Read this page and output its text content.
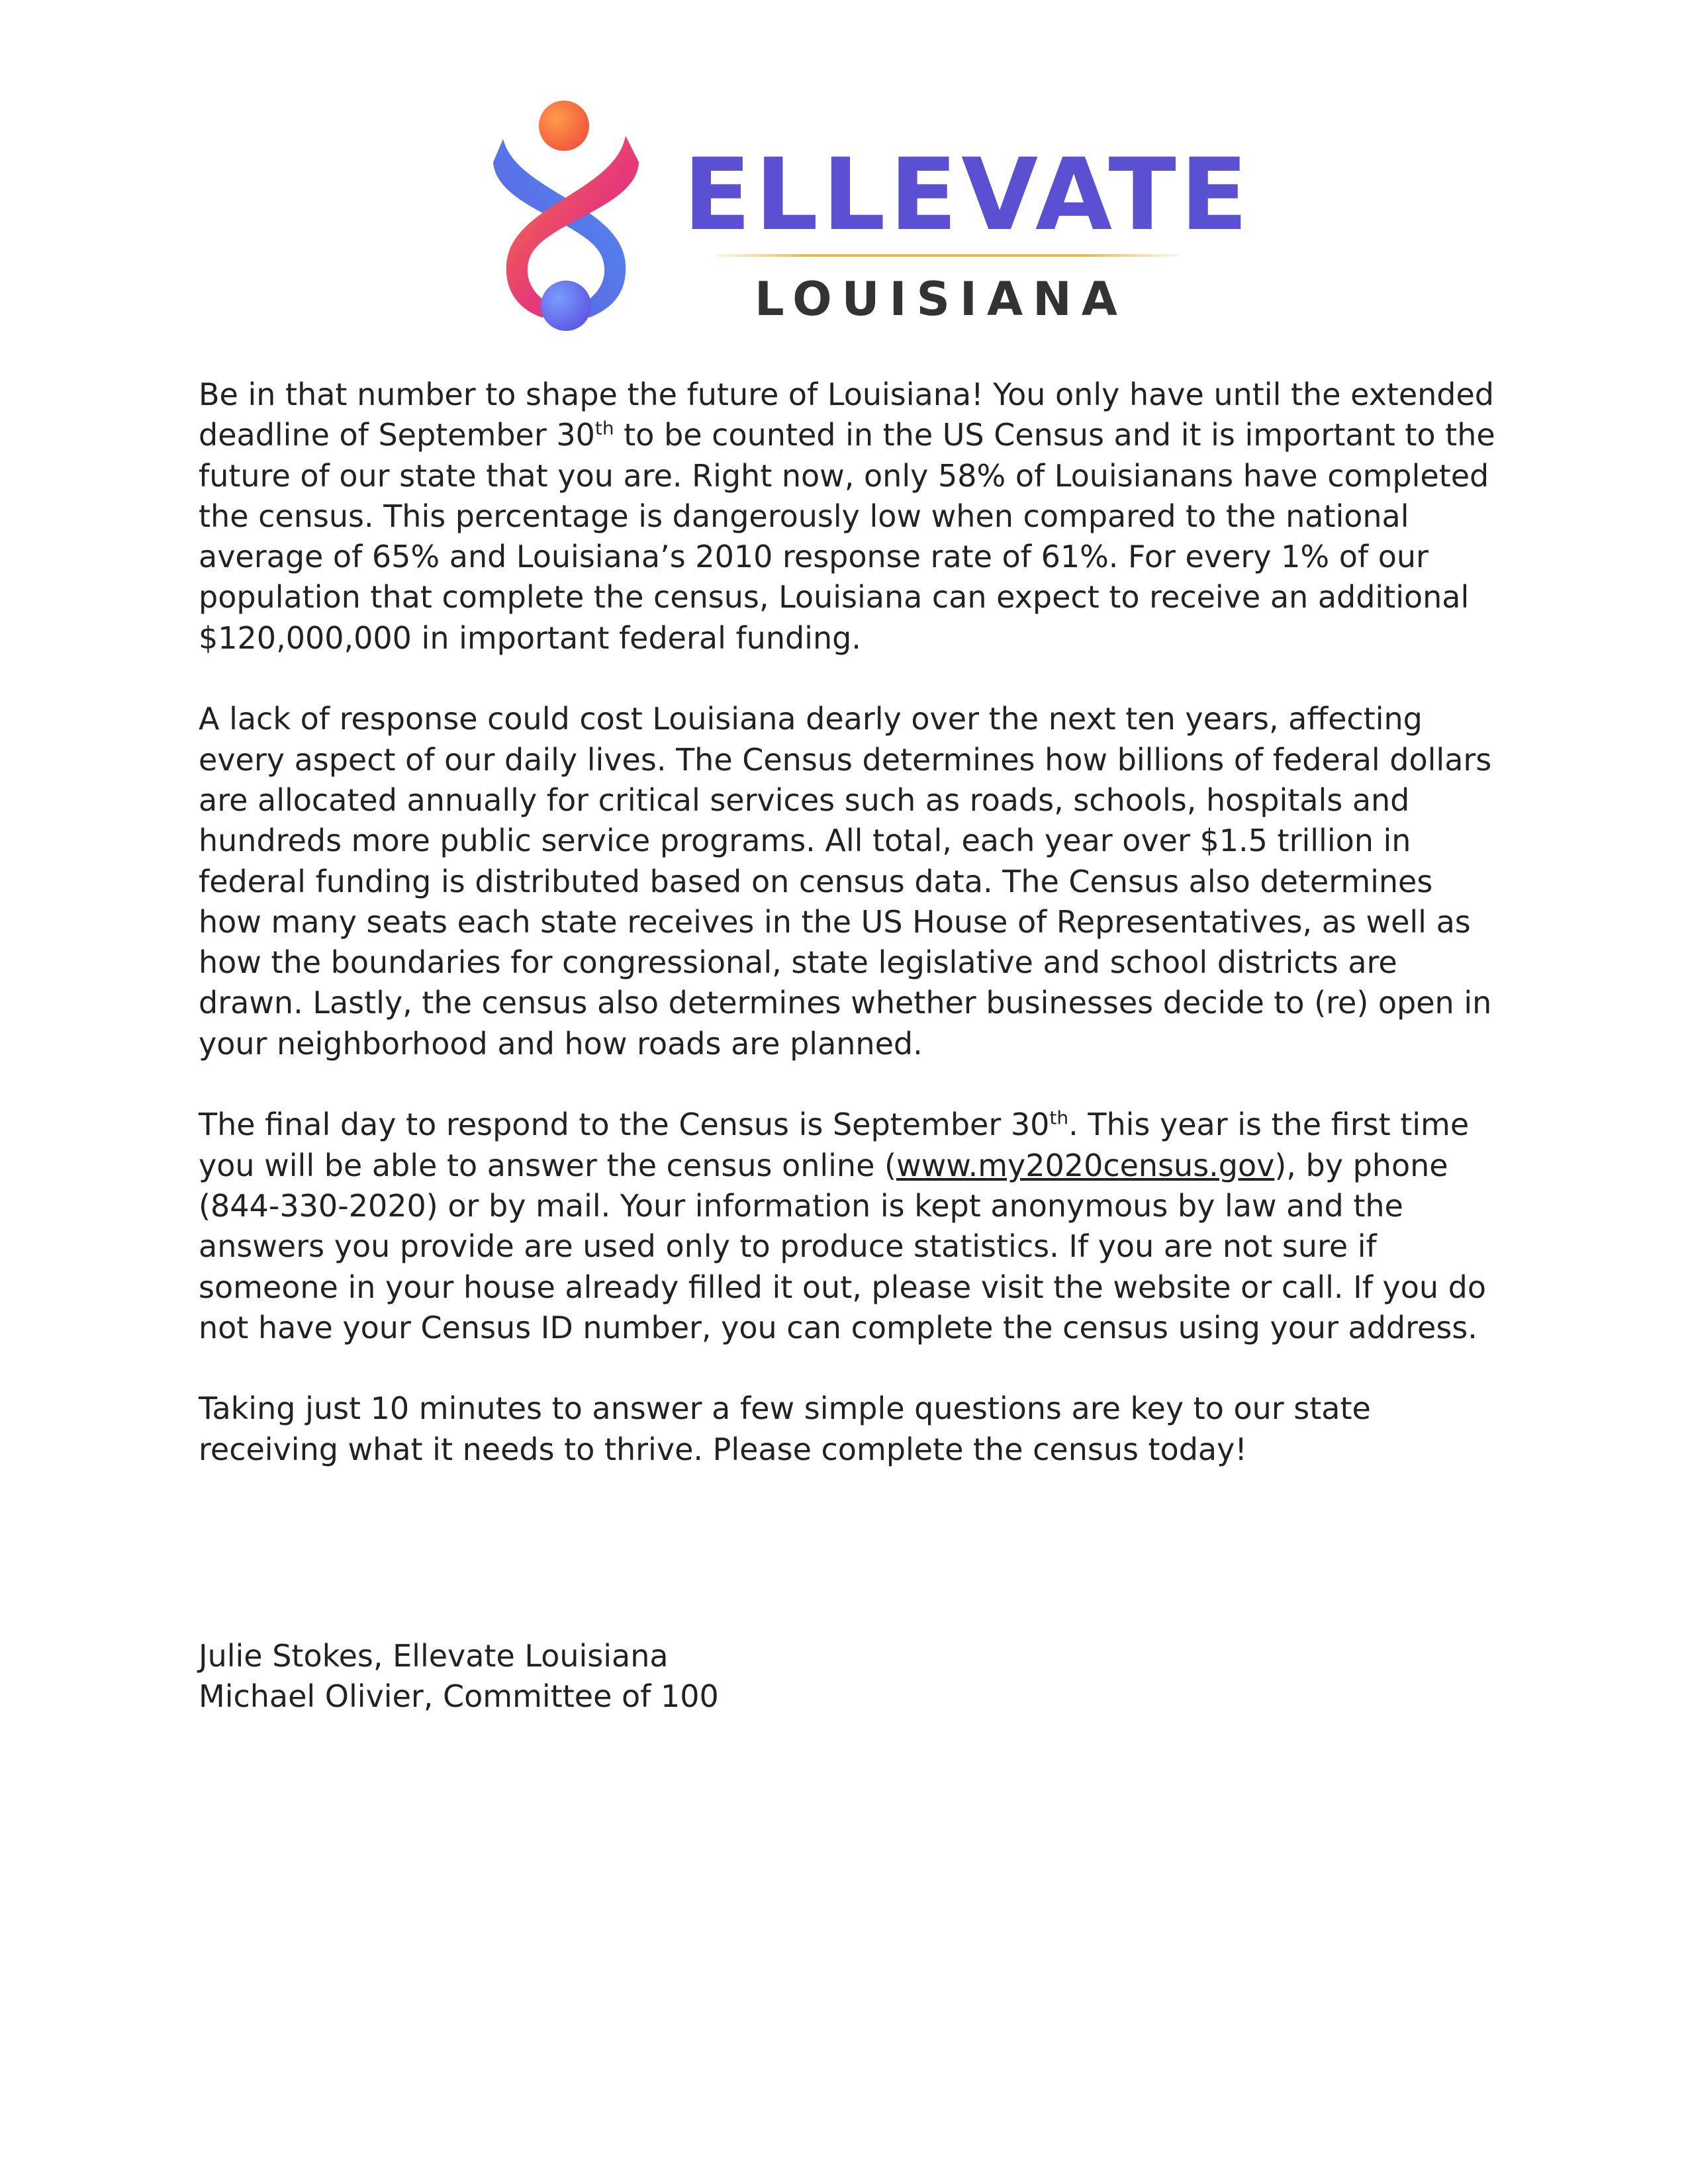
ELLEVATE
LOUISIANA

Be in that number to shape the future of Louisiana! You only have until the extended deadline of September 30th to be counted in the US Census and it is important to the future of our state that you are. Right now, only 58% of Louisianans have completed the census. This percentage is dangerously low when compared to the national average of 65% and Louisiana’s 2010 response rate of 61%. For every 1% of our population that complete the census, Louisiana can expect to receive an additional $120,000,000 in important federal funding.

A lack of response could cost Louisiana dearly over the next ten years, affecting every aspect of our daily lives. The Census determines how billions of federal dollars are allocated annually for critical services such as roads, schools, hospitals and hundreds more public service programs. All total, each year over $1.5 trillion in federal funding is distributed based on census data. The Census also determines how many seats each state receives in the US House of Representatives, as well as how the boundaries for congressional, state legislative and school districts are drawn. Lastly, the census also determines whether businesses decide to (re) open in your neighborhood and how roads are planned.

The final day to respond to the Census is September 30th. This year is the first time you will be able to answer the census online (www.my2020census.gov), by phone (844-330-2020) or by mail. Your information is kept anonymous by law and the answers you provide are used only to produce statistics. If you are not sure if someone in your house already filled it out, please visit the website or call. If you do not have your Census ID number, you can complete the census using your address.

Taking just 10 minutes to answer a few simple questions are key to our state receiving what it needs to thrive. Please complete the census today!

Julie Stokes, Ellevate Louisiana
Michael Olivier, Committee of 100
